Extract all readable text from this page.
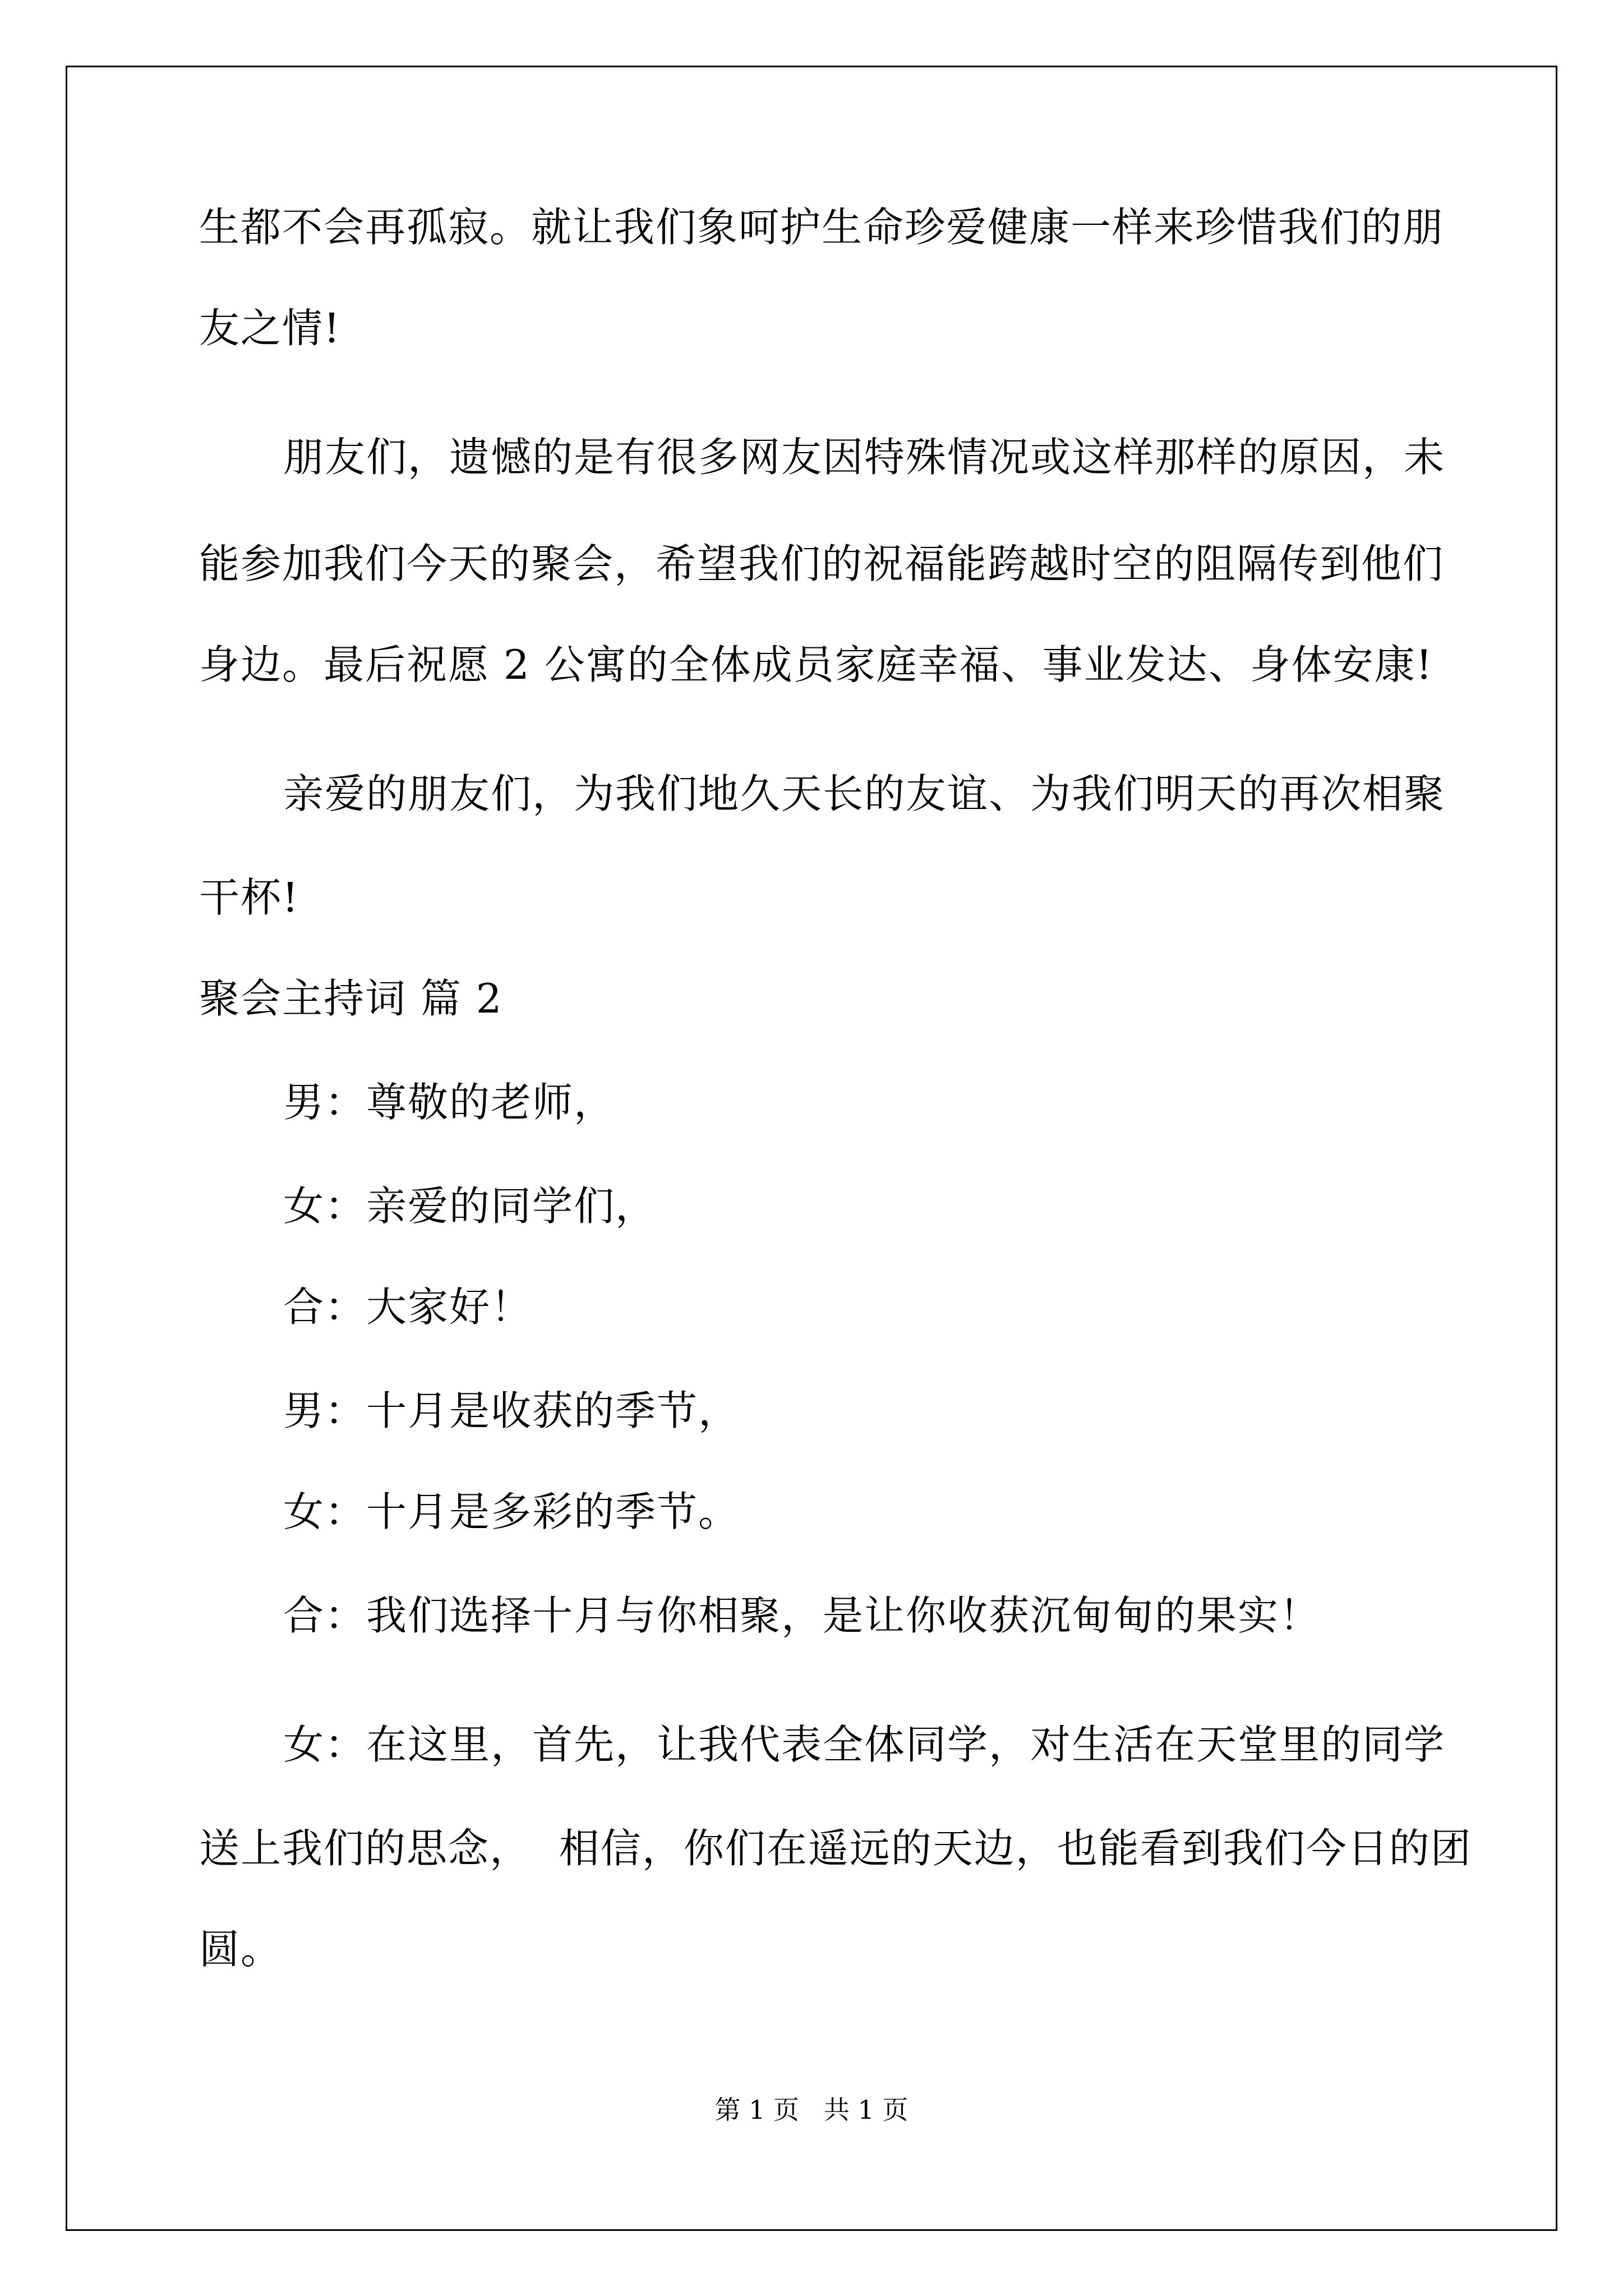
生都不会再孤寂。就让我们象呵护生命珍爱健康一样来珍惜我们的朋
友之情!
朋友们，遗憾的是有很多网友因特殊情况或这样那样的原因，未
能参加我们今天的聚会，希望我们的祝福能跨越时空的阻隔传到他们
身边。最后祝愿 2 公寓的全体成员家庭幸福、事业发达、身体安康!
亲爱的朋友们，为我们地久天长的友谊、为我们明天的再次相聚
干杯!
聚会主持词 篇 2
男：尊敬的老师，
女：亲爱的同学们，
合：大家好！
男：十月是收获的季节，
女：十月是多彩的季节。
合：我们选择十月与你相聚，是让你收获沉甸甸的果实！
女：在这里，首先，让我代表全体同学，对生活在天堂里的同学
送上我们的思念，  相信，你们在遥远的天边，也能看到我们今日的团
圆。
第 1 页   共 1 页
